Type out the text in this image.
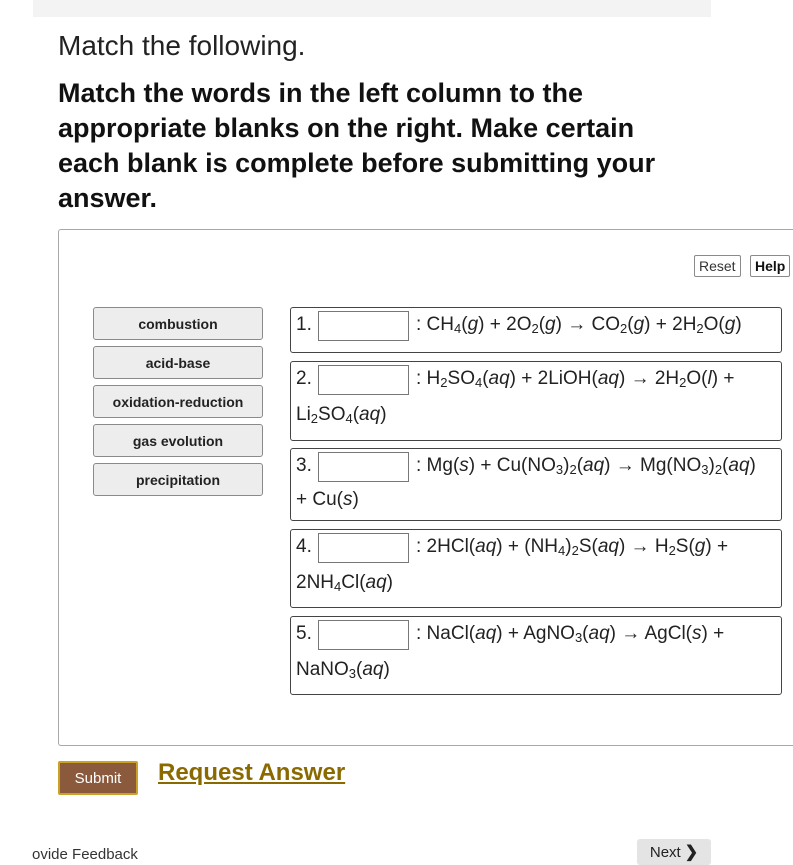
Match the following.
Match the words in the left column to the appropriate blanks on the right. Make certain each blank is complete before submitting your answer.
Reset	Help
combustion
acid-base
oxidation-reduction
gas evolution
precipitation
1.	: $CH_4(g) + 2O_2(g) \to CO_2(g) + 2H_2O(g)$
2.	: $H_2SO_4(aq)$ + 2LiOH(aq) → $2H_2O(l)$ +
$Li_2SO_4(aq)$
3.	: $Mg(s) + Cu(NO_3)_2(aq) \to Mg(NO_3)_2(aq)$
+ Cu(s)
4.	: $2HCl(aq) + (NH_4)_2S(aq) \to H_2S(g)$ +
$2NH_4Cl(aq)$
5.	: NaCl(aq) + AgNO$_3$(aq) → AgCl(s) +
NaNO$_3$(aq)
Submit	Request Answer
ovide Feedback	Next ❯
